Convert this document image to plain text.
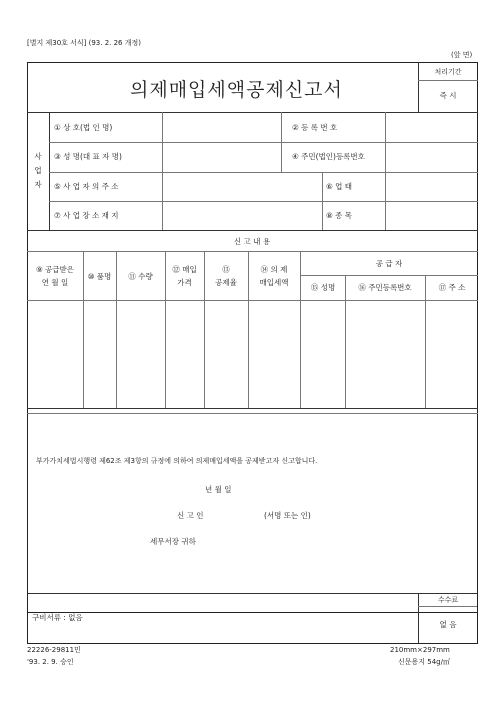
[별지 제30호 서식] (93. 2. 26 개정)
(앞 면)
의제매입세액공제신고서
처리기간
즉 시
사 업 자
① 상 호(법 인 명)	② 등 록 번 호
③ 성 명(대 표 자 명)	④ 주민(법인)등록번호
⑤ 사 업 자 의 주 소	⑥ 업 태
⑦ 사 업 장 소 재 지	⑧ 종 목
신 고 내 용
⑨ 공급받은
연 월 일
⑩ 품명	⑪ 수량
⑫ 매입
가격
⑬
공제율
⑭ 의 제
매입세액
공 급 자
⑮ 성명	⑯ 주민등록번호	⑰ 주 소
부가가치세법시행령 제62조 제3항의 규정에 의하여 의제매입세액을 공제받고자 신고합니다.
년 월 일
신 고 인	(서명 또는 인)
세무서장 귀하
수수료
없 음
구비서류 : 없음
22226-29811민
'93. 2. 9. 승인
210mm×297mm
신문용지 54g/㎡
